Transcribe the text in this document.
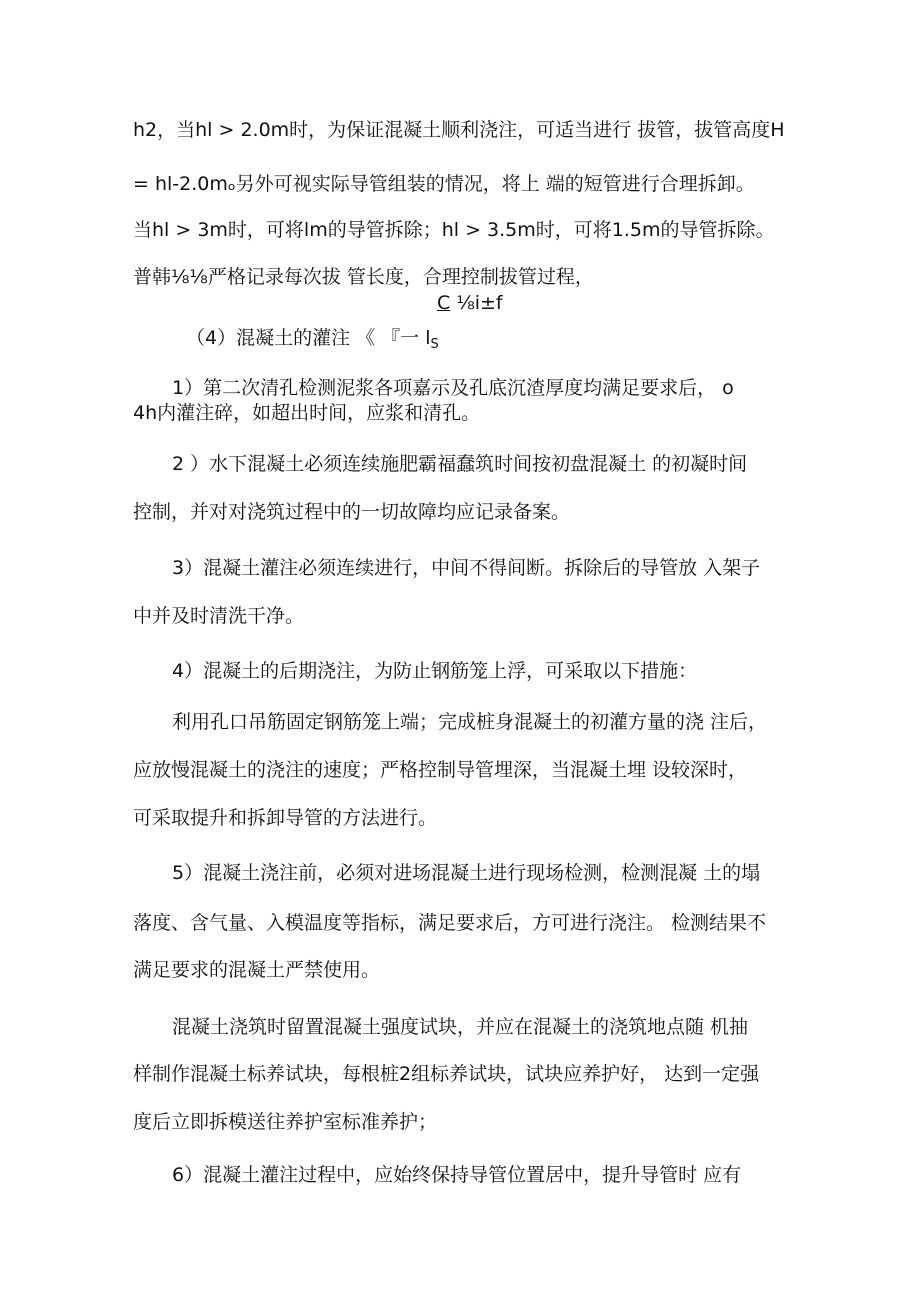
h2，当hl > 2.0m时，为保证混凝土顺利浇注，可适当进行 拔管，拔管高度H
= hl-2.0mₒ另外可视实际导管组装的情况，将上 端的短管进行合理拆卸。
当hl > 3m时，可将lm的导管拆除；hl > 3.5m时，可将1.5m的导管拆除。
普韩⅛⅛严格记录每次拔 管长度，合理控制拔管过程，
C ⅛i±f
（4）混凝土的灌注 《 『一 $l_S$
1）第二次清孔检测泥浆各项嘉示及孔底沉渣厚度均满足要求后， o
4h内灌注碎，如超出时间，应浆和清孔。
2 ）水下混凝土必须连续施肥霸福蠢筑时间按初盘混凝土 的初凝时间
控制，并对对浇筑过程中的一切故障均应记录备案。
3）混凝土灌注必须连续进行，中间不得间断。拆除后的导管放 入架子
中并及时清洗干净。
4）混凝土的后期浇注，为防止钢筋笼上浮，可采取以下措施：
利用孔口吊筋固定钢筋笼上端；完成桩身混凝土的初灌方量的浇 注后，
应放慢混凝土的浇注的速度；严格控制导管埋深，当混凝土埋 设较深时，
可采取提升和拆卸导管的方法进行。
5）混凝土浇注前，必须对进场混凝土进行现场检测，检测混凝 土的塌
落度、含气量、入模温度等指标，满足要求后，方可进行浇注。 检测结果不
满足要求的混凝土严禁使用。
混凝土浇筑时留置混凝土强度试块，并应在混凝土的浇筑地点随 机抽
样制作混凝土标养试块，每根桩2组标养试块，试块应养护好， 达到一定强
度后立即拆模送往养护室标准养护；
6）混凝土灌注过程中，应始终保持导管位置居中，提升导管时 应有
